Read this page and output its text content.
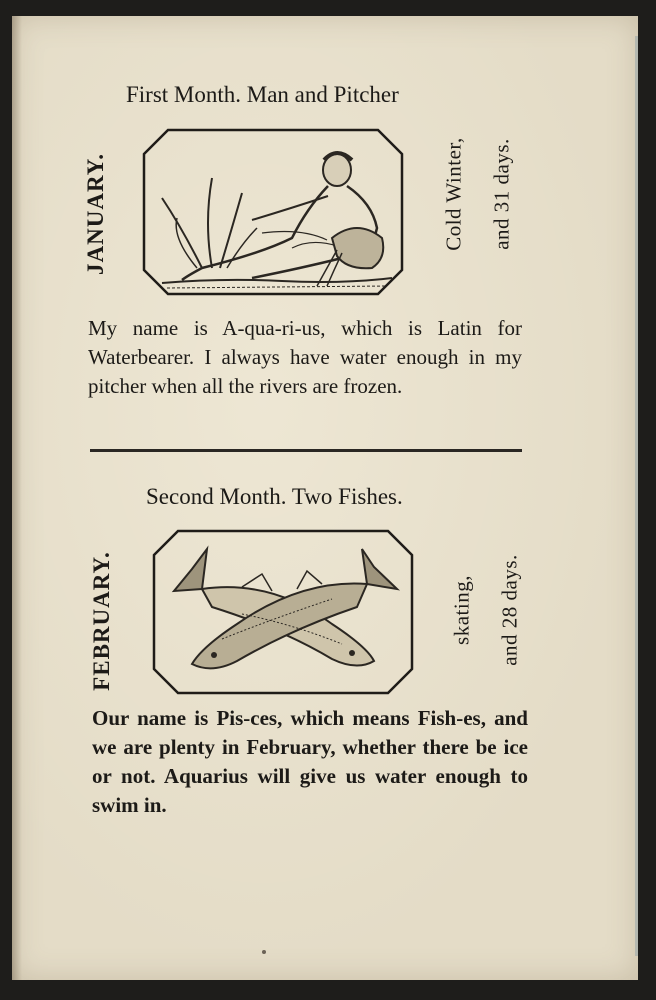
First Month. Man and Pitcher
JANUARY.	Cold Winter, and 31 days.
My name is A-qua-ri-us, which is Latin for Waterbearer. I always have water enough in my pitcher when all the rivers are frozen.
Second Month. Two Fishes.
FEBRUARY.	skating, and 28 days.
Our name is Pis-ces, which means Fish-es, and we are plenty in February, whether there be ice or not. Aquarius will give us water enough to swim in.
